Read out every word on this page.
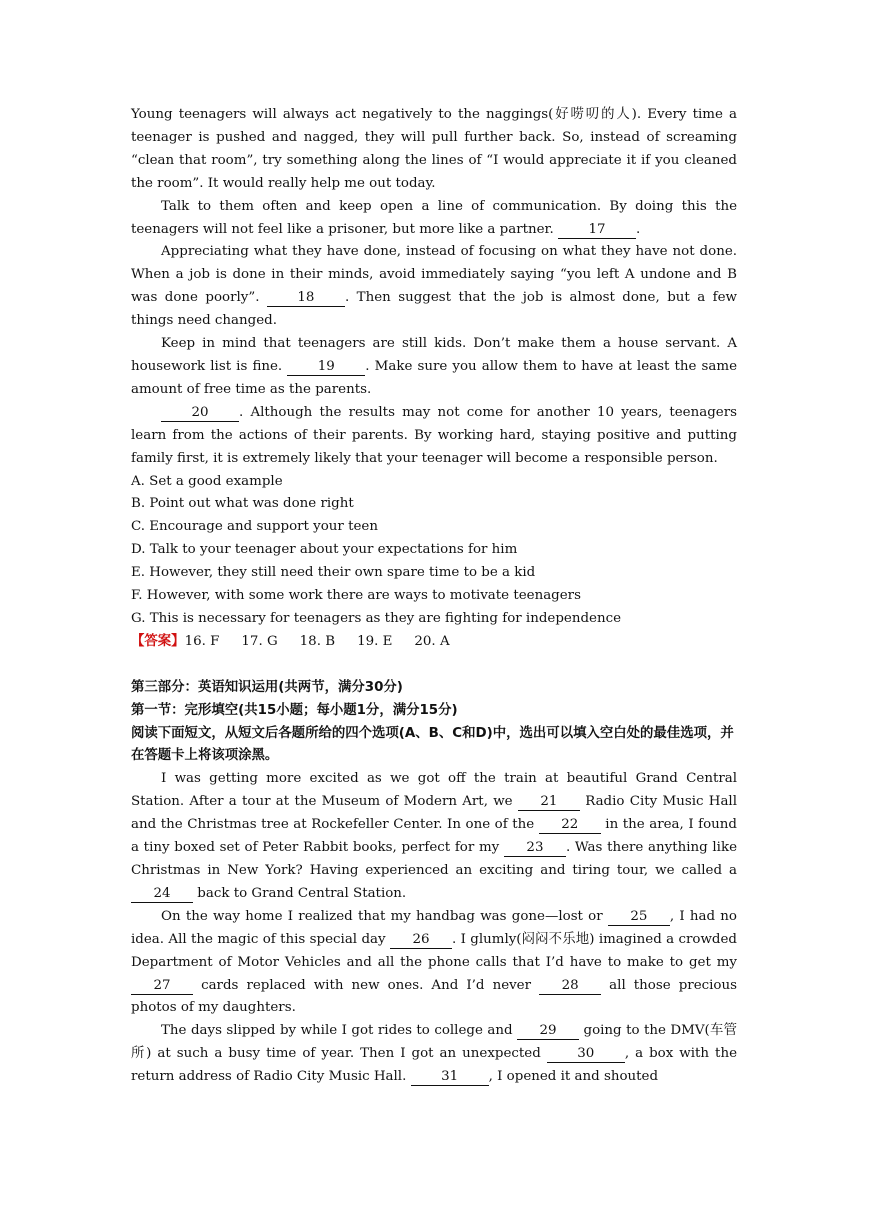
Young teenagers will always act negatively to the naggings(好唠叨的人). Every time a teenager is pushed and nagged, they will pull further back. So, instead of screaming “clean that room”, try something along the lines of “I would appreciate it if you cleaned the room”. It would really help me out today.

Talk to them often and keep open a line of communication. By doing this the teenagers will not feel like a prisoner, but more like a partner.	17 .

Appreciating what they have done, instead of focusing on what they have not done. When a job is done in their minds, avoid immediately saying “you left A undone and B was done poorly”.	18 . Then suggest that the job is almost done, but a few things need changed.

Keep in mind that teenagers are still kids. Don’t make them a house servant. A housework list is fine.	19 . Make sure you allow them to have at least the same amount of free time as the parents.

20 . Although the results may not come for another 10 years, teenagers learn from the actions of their parents. By working hard, staying positive and putting family first, it is extremely likely that your teenager will become a responsible person.

A. Set a good example

B. Point out what was done right

C. Encourage and support your teen

D. Talk to your teenager about your expectations for him

E. However, they still need their own spare time to be a kid

F. However, with some work there are ways to motivate teenagers

G. This is necessary for teenagers as they are fighting for independence

【答案】16. F 17. G 18. B 19. E 20. A

第三部分：英语知识运用(共两节，满分30分)

第一节：完形填空(共15小题；每小题1分，满分15分)

阅读下面短文，从短文后各题所给的四个选项(A、B、C和D)中，选出可以填入空白处的最佳选项，并在答题卡上将该项涂黑。

I was getting more excited as we got off the train at beautiful Grand Central Station. After a tour at the Museum of Modern Art, we 21 Radio City Music Hall and the Christmas tree at Rockefeller Center. In one of the 22 in the area, I found a tiny boxed set of Peter Rabbit books, perfect for my 23 . Was there anything like Christmas in New York? Having experienced an exciting and tiring tour, we called a 24 back to Grand Central Station.

On the way home I realized that my handbag was gone—lost or 25 , I had no idea. All the magic of this special day 26 . I glumly(闷闷不乐地) imagined a crowded Department of Motor Vehicles and all the phone calls that I’d have to make to get my 27 cards replaced with new ones. And I’d never 28 all those precious photos of my daughters.

The days slipped by while I got rides to college and 29 going to the DMV(车管所) at such a busy time of year. Then I got an unexpected	30 , a box with the return address of Radio City Music Hall.	31 , I opened it and shouted
